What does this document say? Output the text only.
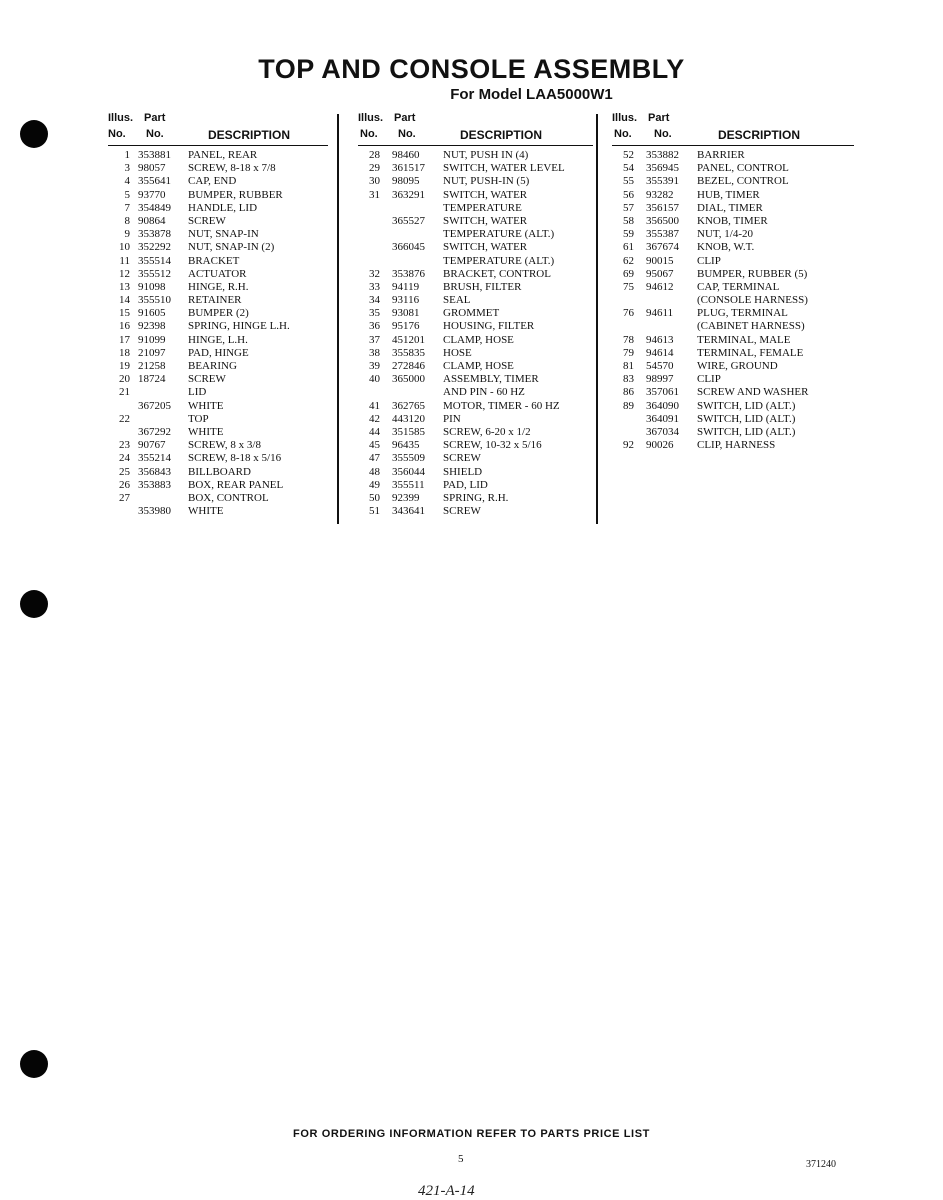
TOP AND CONSOLE ASSEMBLY
For Model LAA5000W1
Illus. Part
No. No.	DESCRIPTION
1 353881 PANEL, REAR
3 98057 SCREW, 8-18 x 7/8
4 355641 CAP, END
5 93770 BUMPER, RUBBER
7 354849 HANDLE, LID
8 90864 SCREW
9 353878 NUT, SNAP-IN
10 352292 NUT, SNAP-IN (2)
11 355514 BRACKET
12 355512 ACTUATOR
13 91098 HINGE, R.H.
14 355510 RETAINER
15 91605 BUMPER (2)
16 92398 SPRING, HINGE L.H.
17 91099 HINGE, L.H.
18 21097 PAD, HINGE
19 21258 BEARING
20 18724 SCREW
21	LID
367205 WHITE
22	TOP
367292 WHITE
23 90767 SCREW, 8 x 3/8
24 355214 SCREW, 8-18 x 5/16
25 356843 BILLBOARD
26 353883 BOX, REAR PANEL
27	BOX, CONTROL
353980 WHITE
Illus. Part
No. No.	DESCRIPTION
28 98460 NUT, PUSH IN (4)
29 361517 SWITCH, WATER LEVEL
30 98095 NUT, PUSH-IN (5)
31 363291 SWITCH, WATER
TEMPERATURE
365527 SWITCH, WATER
TEMPERATURE (ALT.)
366045 SWITCH, WATER
TEMPERATURE (ALT.)
32 353876 BRACKET, CONTROL
33 94119 BRUSH, FILTER
34 93116 SEAL
35 93081 GROMMET
36 95176 HOUSING, FILTER
37 451201 CLAMP, HOSE
38 355835 HOSE
39 272846 CLAMP, HOSE
40 365000 ASSEMBLY, TIMER
AND PIN - 60 HZ
41 362765 MOTOR, TIMER - 60 HZ
42 443120 PIN
44 351585 SCREW, 6-20 x 1/2
45 96435 SCREW, 10-32 x 5/16
47 355509 SCREW
48 356044 SHIELD
49 355511 PAD, LID
50 92399 SPRING, R.H.
51 343641 SCREW
Illus. Part
No. No.	DESCRIPTION
52 353882 BARRIER
54 356945 PANEL, CONTROL
55 355391 BEZEL, CONTROL
56 93282 HUB, TIMER
57 356157 DIAL, TIMER
58 356500 KNOB, TIMER
59 355387 NUT, 1/4-20
61 367674 KNOB, W.T.
62 90015 CLIP
69 95067 BUMPER, RUBBER (5)
75 94612 CAP, TERMINAL
(CONSOLE HARNESS)
76 94611 PLUG, TERMINAL
(CABINET HARNESS)
78 94613 TERMINAL, MALE
79 94614 TERMINAL, FEMALE
81 54570 WIRE, GROUND
83 98997 CLIP
86 357061 SCREW AND WASHER
89 364090 SWITCH, LID (ALT.)
364091 SWITCH, LID (ALT.)
367034 SWITCH, LID (ALT.)
92 90026 CLIP, HARNESS
FOR ORDERING INFORMATION REFER TO PARTS PRICE LIST
5	371240
421-A-14
